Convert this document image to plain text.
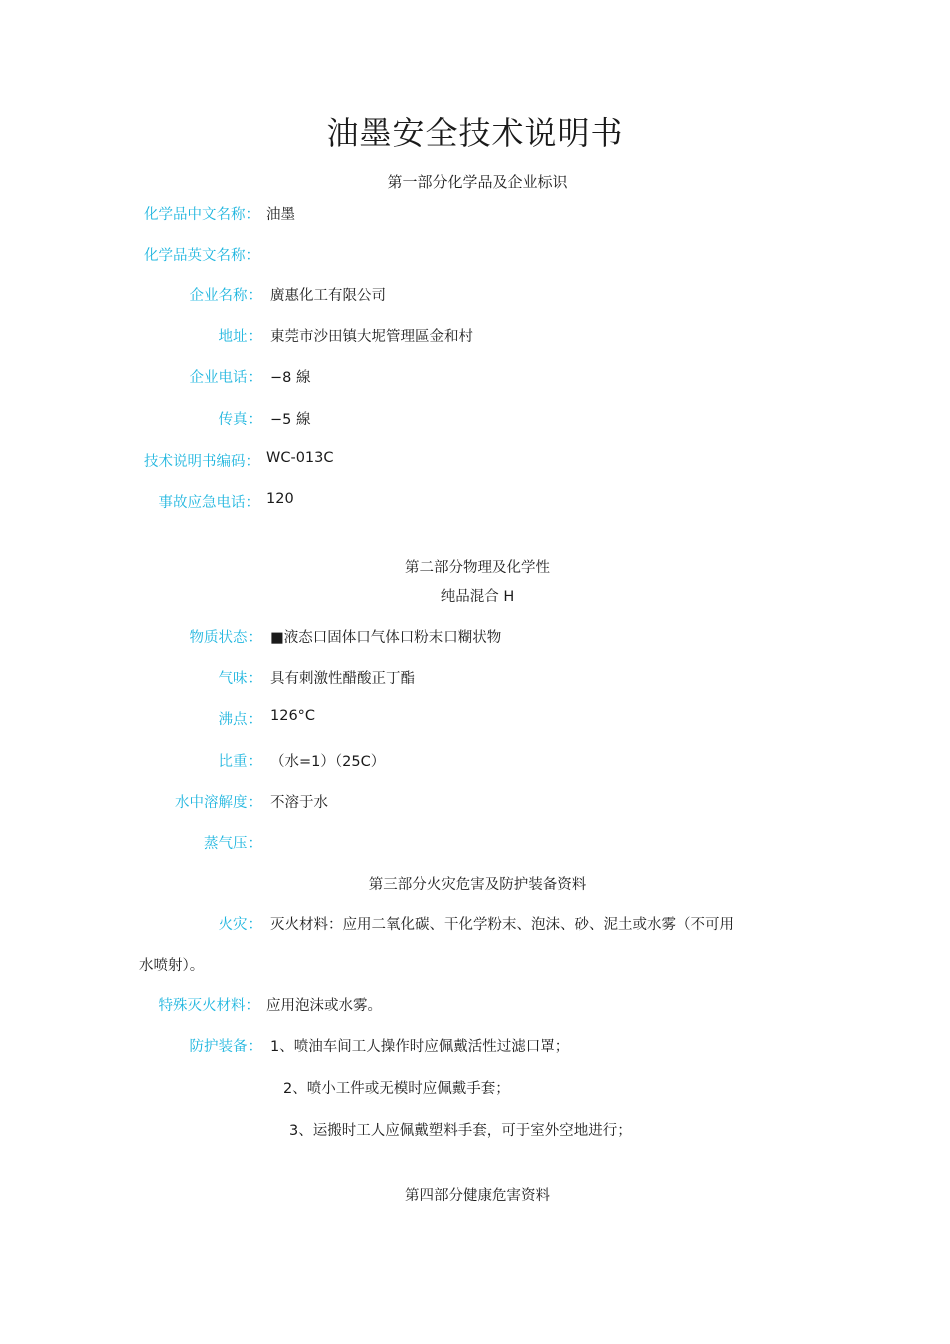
油墨安全技术说明书
第一部分化学品及企业标识
化学品中文名称： 油墨
化学品英文名称：
企业名称： 廣惠化工有限公司
地址： 東莞市沙田镇大坭管理區金和村
企业电话： −8 線
传真： −5 線
技术说明书编码： WC-013C
事故应急电话： 120
第二部分物理及化学性
纯品混合 H
物质状态： ■液态口固体口气体口粉末口糊状物
气味： 具有刺激性醋酸正丁酯
沸点： 126°C
比重： （水=1）（25C）
水中溶解度： 不溶于水
蒸气压：
第三部分火灾危害及防护装备资料
火灾： 灭火材料：应用二氧化碳、干化学粉末、泡沫、砂、泥土或水雾（不可用
水喷射）。
特殊灭火材料： 应用泡沫或水雾。
防护装备： 1、喷油车间工人操作时应佩戴活性过滤口罩；
2、喷小工件或无模时应佩戴手套；
3、运搬时工人应佩戴塑料手套，可于室外空地进行；
第四部分健康危害资料
